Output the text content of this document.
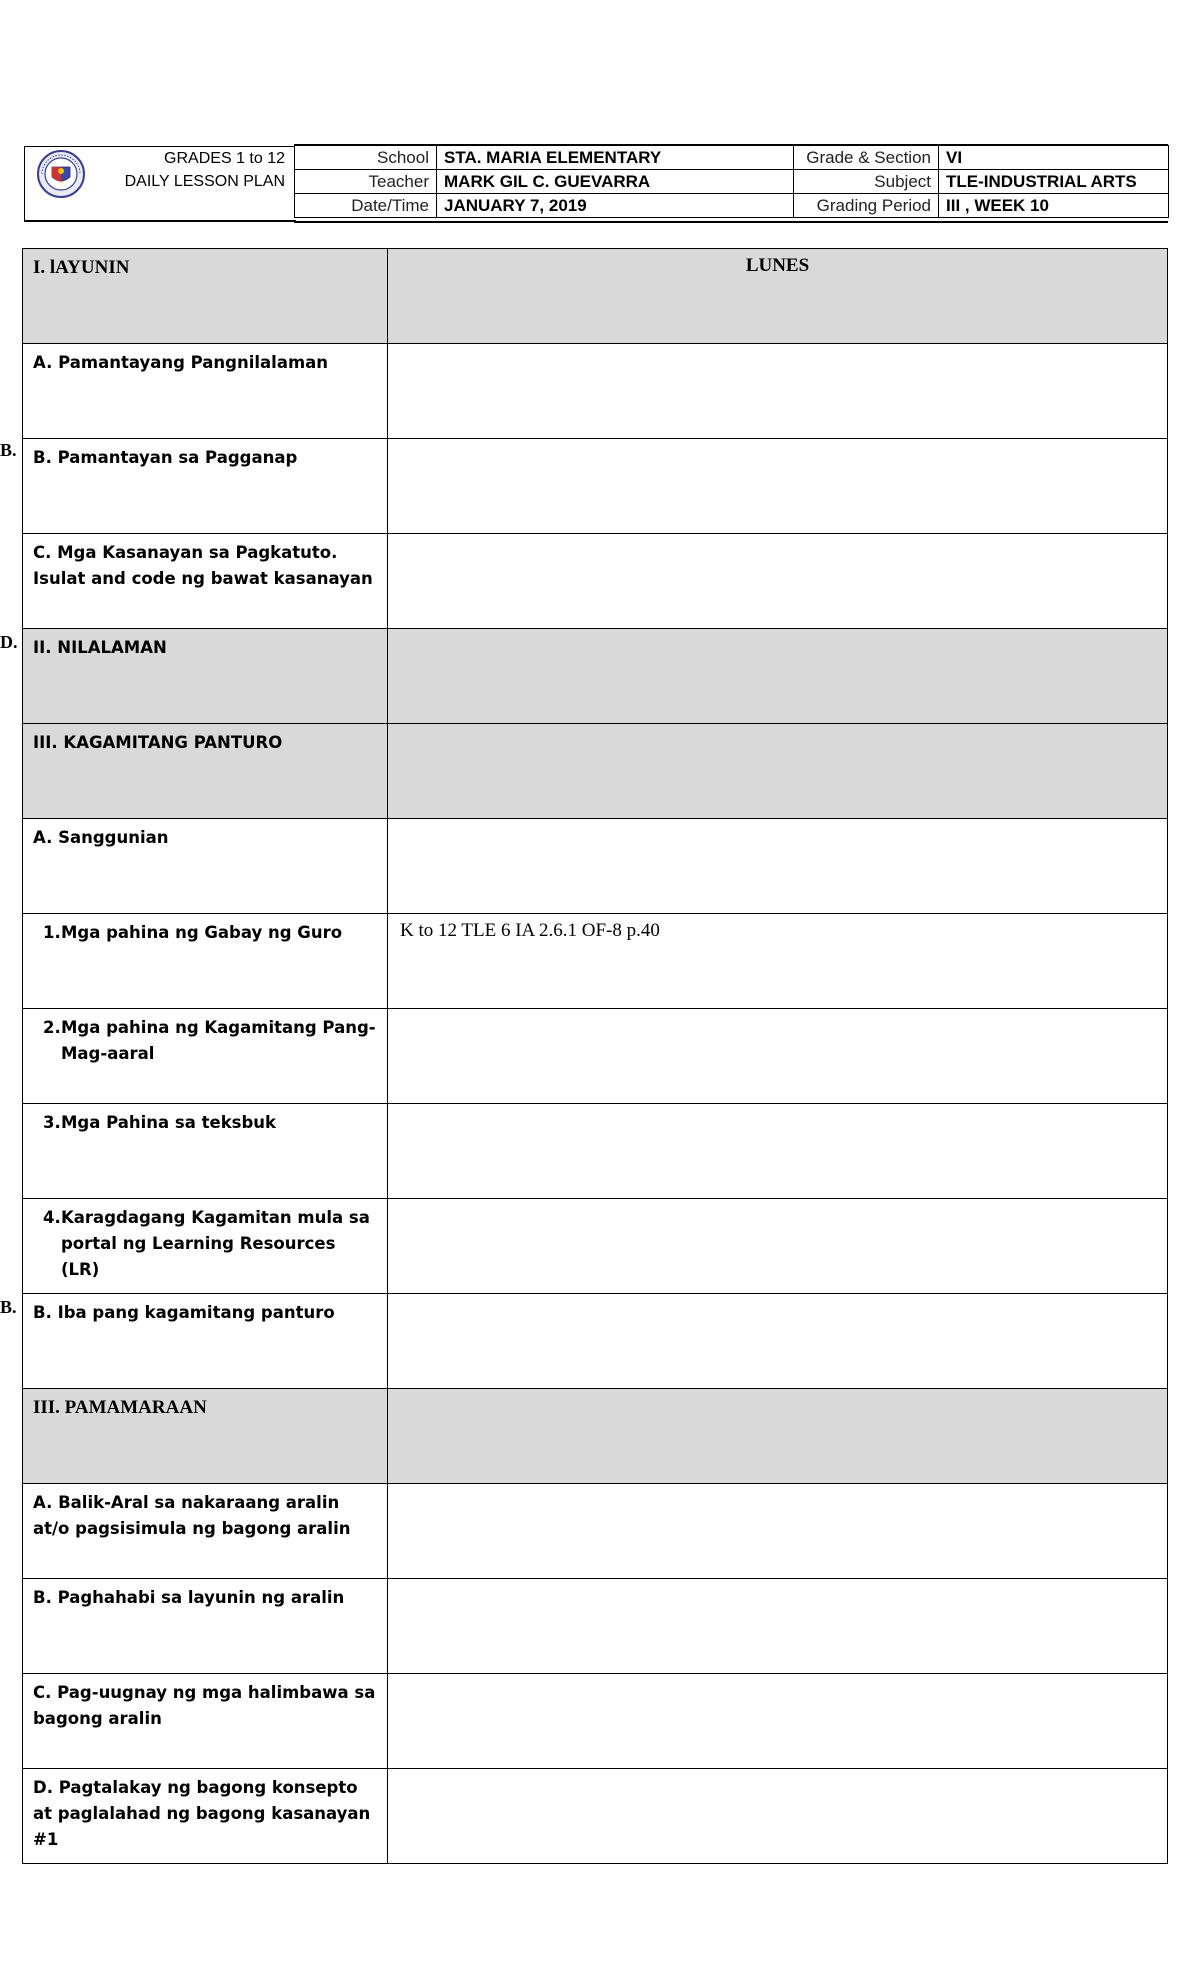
GRADES 1 to 12
DAILY LESSON PLAN
School	STA. MARIA ELEMENTARY	Grade & Section	VI
Teacher	MARK GIL C. GUEVARRA	Subject	TLE-INDUSTRIAL ARTS
Date/Time	JANUARY 7, 2019	Grading Period	III , WEEK 10
B.
D.
B.
I. lAYUNIN	LUNES
A. Pamantayang Pangnilalaman	
B. Pamantayan sa Pagganap	
C. Mga Kasanayan sa Pagkatuto. Isulat and code ng bawat kasanayan	
II. NILALAMAN	
III. KAGAMITANG PANTURO	
A. Sanggunian	

1. Mga pahina ng Gabay ng Guro	K to 12 TLE 6 IA 2.6.1 OF-8 p.40

2. Mga pahina ng Kagamitang Pang-Mag-aaral	

3. Mga Pahina sa teksbuk	

4. Karagdagang Kagamitan mula sa portal ng Learning Resources (LR)	

B. Iba pang kagamitang panturo	
III. PAMAMARAAN	
A. Balik-Aral sa nakaraang aralin at/o pagsisimula ng bagong aralin	
B. Paghahabi sa layunin ng aralin	
C. Pag-uugnay ng mga halimbawa sa bagong aralin	
D. Pagtalakay ng bagong konsepto at paglalahad ng bagong kasanayan #1	
